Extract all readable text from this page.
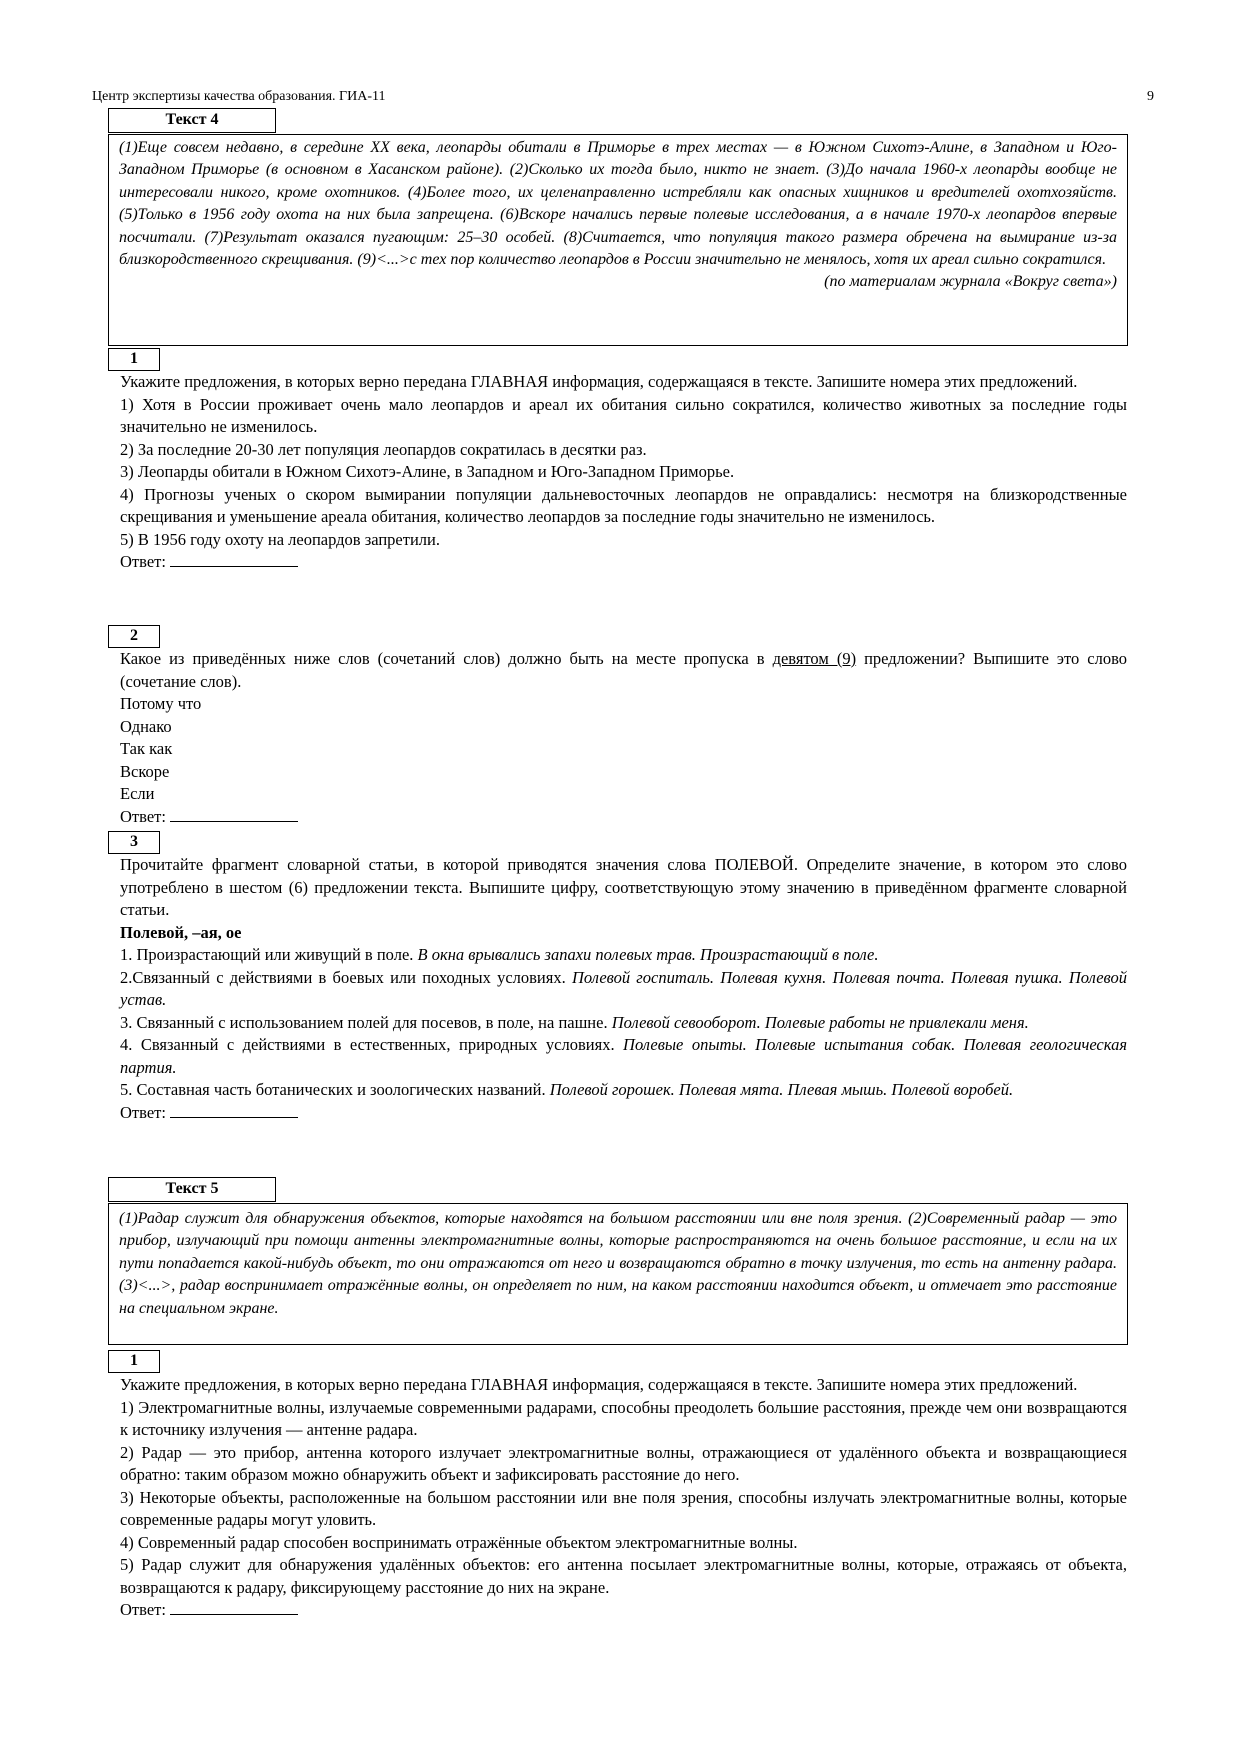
Центр экспертизы качества образования. ГИА-11	9
Текст 4
(1)Еще совсем недавно, в середине XX века, леопарды обитали в Приморье в трех местах — в Южном Сихотэ-Алине, в Западном и Юго-Западном Приморье (в основном в Хасанском районе). (2)Сколько их тогда было, никто не знает. (3)До начала 1960-х леопарды вообще не интересовали никого, кроме охотников. (4)Более того, их целенаправленно истребляли как опасных хищников и вредителей охотхозяйств. (5)Только в 1956 году охота на них была запрещена. (6)Вскоре начались первые полевые исследования, а в начале 1970-х леопардов впервые посчитали. (7)Результат оказался пугающим: 25–30 особей. (8)Считается, что популяция такого размера обречена на вымирание из-за близкородственного скрещивания. (9)<...>с тех пор количество леопардов в России значительно не менялось, хотя их ареал сильно сократился.
(по материалам журнала «Вокруг света»)
1

Укажите предложения, в которых верно передана ГЛАВНАЯ информация, содержащаяся в тексте. Запишите номера этих предложений.

1) Хотя в России проживает очень мало леопардов и ареал их обитания сильно сократился, количество животных за последние годы значительно не изменилось.

2) За последние 20-30 лет популяция леопардов сократилась в десятки раз.

3) Леопарды обитали в Южном Сихотэ-Алине, в Западном и Юго-Западном Приморье.

4) Прогнозы ученых о скором вымирании популяции дальневосточных леопардов не оправдались: несмотря на близкородственные скрещивания и уменьшение ареала обитания, количество леопардов за последние годы значительно не изменилось.

5) В 1956 году охоту на леопардов запретили.

Ответ:

2

Какое из приведённых ниже слов (сочетаний слов) должно быть на месте пропуска в девятом (9) предложении? Выпишите это слово (сочетание слов).

Потому что

Однако

Так как

Вскоре

Если

Ответ:

3

Прочитайте фрагмент словарной статьи, в которой приводятся значения слова ПОЛЕВОЙ. Определите значение, в котором это слово употреблено в шестом (6) предложении текста. Выпишите цифру, соответствующую этому значению в приведённом фрагменте словарной статьи.

Полевой, –ая, ое

1. Произрастающий или живущий в поле. В окна врывались запахи полевых трав. Произрастающий в поле.

2.Связанный с действиями в боевых или походных условиях. Полевой госпиталь. Полевая кухня. Полевая почта. Полевая пушка. Полевой устав.

3. Связанный с использованием полей для посевов, в поле, на пашне. Полевой севооборот. Полевые работы не привлекали меня.

4. Связанный с действиями в естественных, природных условиях. Полевые опыты. Полевые испытания собак. Полевая геологическая партия.

5. Составная часть ботанических и зоологических названий. Полевой горошек. Полевая мята. Плевая мышь. Полевой воробей.

Ответ:

Текст 5
(1)Радар служит для обнаружения объектов, которые находятся на большом расстоянии или вне поля зрения. (2)Современный радар — это прибор, излучающий при помощи антенны электромагнитные волны, которые распространяются на очень большое расстояние, и если на их пути попадается какой-нибудь объект, то они отражаются от него и возвращаются обратно в точку излучения, то есть на антенну радара. (3)<...>, радар воспринимает отражённые волны, он определяет по ним, на каком расстоянии находится объект, и отмечает это расстояние на специальном экране.
1

Укажите предложения, в которых верно передана ГЛАВНАЯ информация, содержащаяся в тексте. Запишите номера этих предложений.

1) Электромагнитные волны, излучаемые современными радарами, способны преодолеть большие расстояния, прежде чем они возвращаются к источнику излучения — антенне радара.

2) Радар — это прибор, антенна которого излучает электромагнитные волны, отражающиеся от удалённого объекта и возвращающиеся обратно: таким образом можно обнаружить объект и зафиксировать расстояние до него.

3) Некоторые объекты, расположенные на большом расстоянии или вне поля зрения, способны излучать электромагнитные волны, которые современные радары могут уловить.

4) Современный радар способен воспринимать отражённые объектом электромагнитные волны.

5) Радар служит для обнаружения удалённых объектов: его антенна посылает электромагнитные волны, которые, отражаясь от объекта, возвращаются к радару, фиксирующему расстояние до них на экране.

Ответ:
